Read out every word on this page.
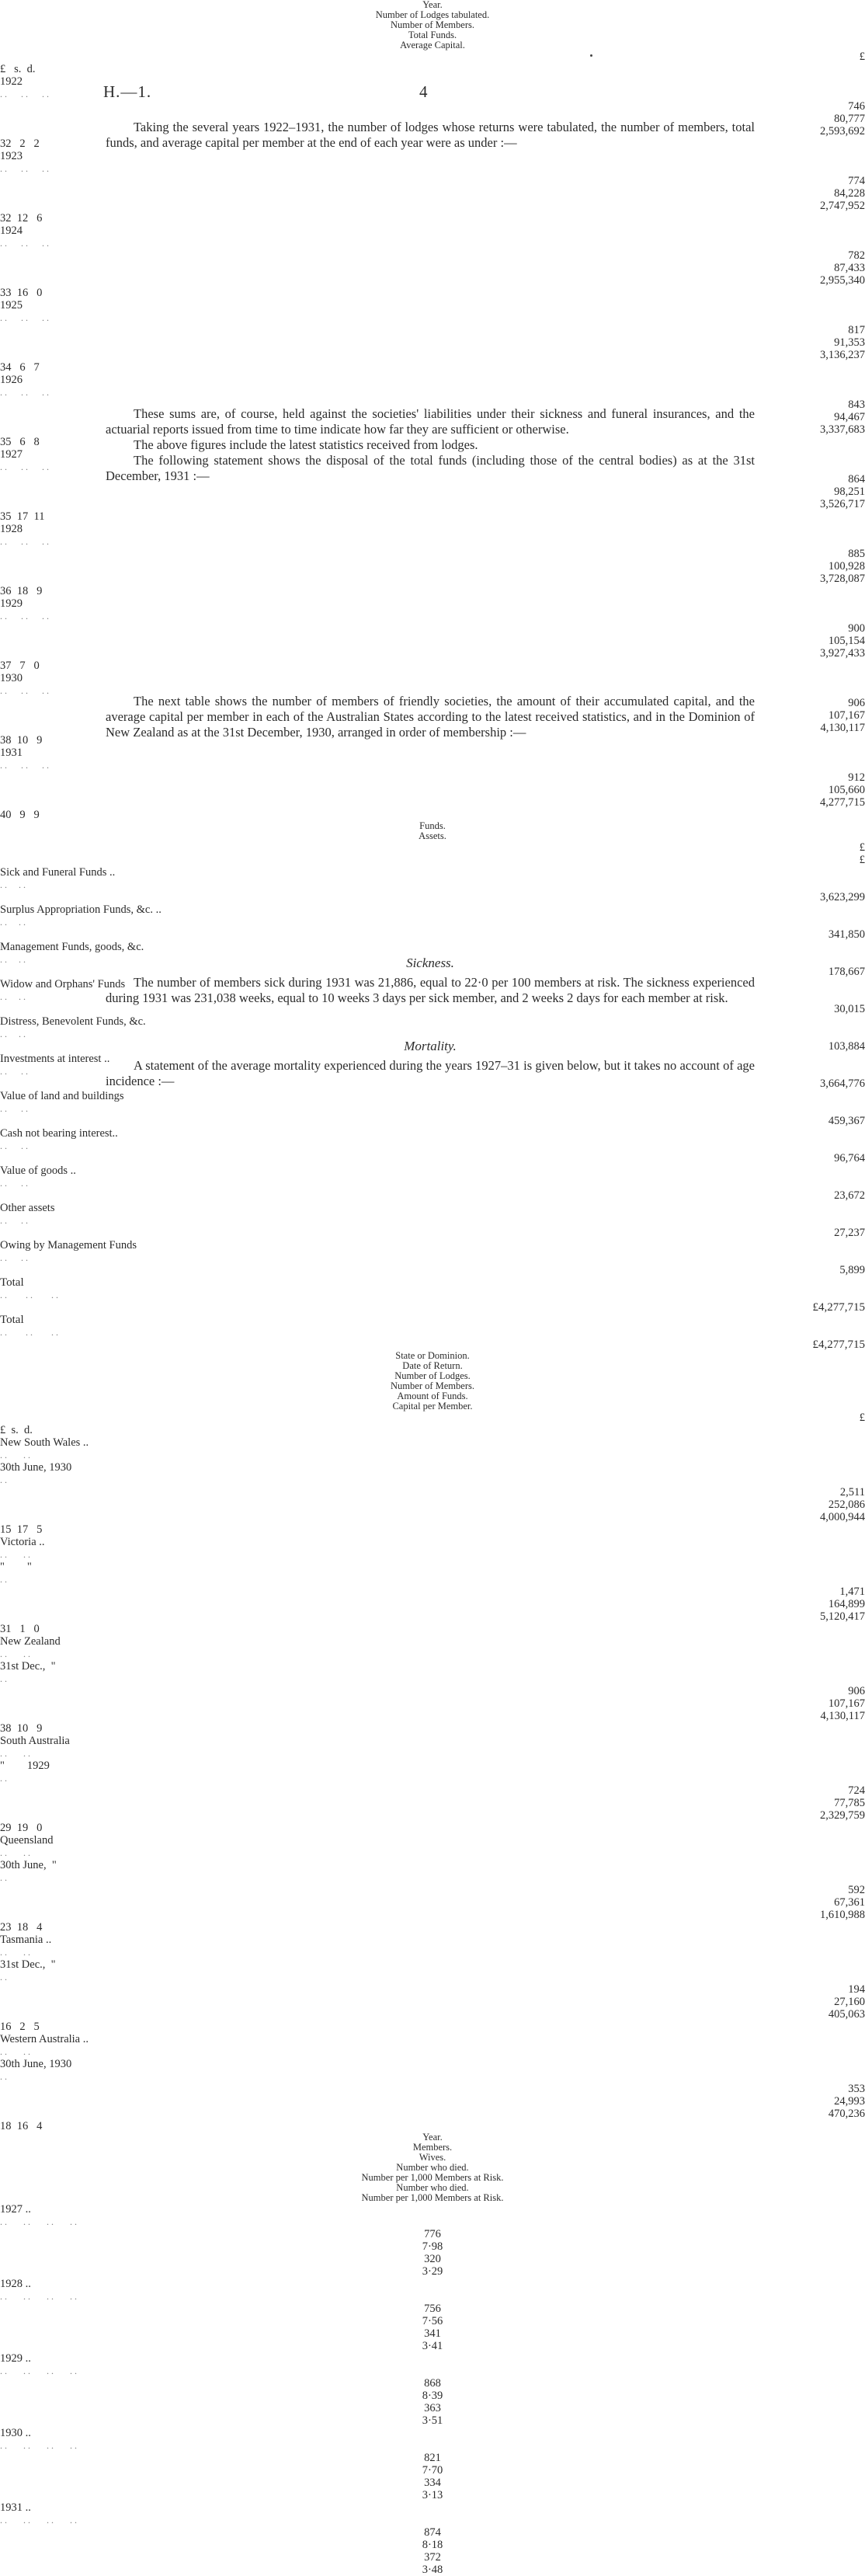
H.—1.	4

Taking the several years 1922–1931, the number of lodges whose returns were tabulated, the number of members, total funds, and average capital per member at the end of each year were as under :—

These sums are, of course, held against the societies' liabilities under their sickness and funeral insurances, and the actuarial reports issued from time to time indicate how far they are sufficient or otherwise.

The above figures include the latest statistics received from lodges.

The following statement shows the disposal of the total funds (including those of the central bodies) as at the 31st December, 1931 :—

The next table shows the number of members of friendly societies, the amount of their accumulated capital, and the average capital per member in each of the Australian States according to the latest received statistics, and in the Dominion of New Zealand as at the 31st December, 1930, arranged in order of membership :—

Sickness.

The number of members sick during 1931 was 21,886, equal to 22·0 per 100 members at risk. The sickness experienced during 1931 was 231,038 weeks, equal to 10 weeks 3 days per sick member, and 2 weeks 2 days for each member at risk.

Mortality.

A statement of the average mortality experienced during the years 1927–31 is given below, but it takes no account of age incidence :—

Year.
Number of Lodges tabulated.
Number of Members.
Total Funds.
Average Capital.
£
£   s.  d.
1922
. .      . .      . .
746
80,777
2,593,692
32   2   2
1923
. .      . .      . .
774
84,228
2,747,952
32  12   6
1924
. .      . .      . .
782
87,433
2,955,340
33  16   0
1925
. .      . .      . .
817
91,353
3,136,237
34   6   7
1926
. .      . .      . .
843
94,467
3,337,683
35   6   8
1927
. .      . .      . .
864
98,251
3,526,717
35  17  11
1928
. .      . .      . .
885
100,928
3,728,087
36  18   9
1929
. .      . .      . .
900
105,154
3,927,433
37   7   0
1930
. .      . .      . .
906
107,167
4,130,117
38  10   9
1931
. .      . .      . .
912
105,660
4,277,715
40   9   9
Funds.
Assets.
£
£
Sick and Funeral Funds ..
. .     . .
3,623,299
Surplus Appropriation Funds, &c. ..
. .     . .
341,850
Management Funds, goods, &c.
. .     . .
178,667
Widow and Orphans' Funds
. .     . .
30,015
Distress, Benevolent Funds, &c.
. .     . .
103,884
Investments at interest ..
. .      . .
3,664,776
Value of land and buildings
. .      . .
459,367
Cash not bearing interest..
. .      . .
96,764
Value of goods ..
. .      . .
23,672
Other assets
. .      . .
27,237
Owing by Management Funds
. .      . .
5,899
Total
. .        . .        . .
£4,277,715
Total
. .        . .        . .
£4,277,715
State or Dominion.
Date of Return.
Number of Lodges.
Number of Members.
Amount of Funds.
Capital per Member.
£
£  s.  d.
New South Wales ..
. .       . .
30th June, 1930
. .
2,511
252,086
4,000,944
15  17   5
Victoria ..
. .       . .
"        "
. .
1,471
164,899
5,120,417
31   1   0
New Zealand
. .       . .
31st Dec.,  "
. .
906
107,167
4,130,117
38  10   9
South Australia
. .       . .
"        1929
. .
724
77,785
2,329,759
29  19   0
Queensland
. .       . .
30th June,  "
. .
592
67,361
1,610,988
23  18   4
Tasmania ..
. .       . .
31st Dec.,  "
. .
194
27,160
405,063
16   2   5
Western Australia ..
. .       . .
30th June, 1930
. .
353
24,993
470,236
18  16   4
Year.
Members.
Wives.
Number who died.
Number per 1,000 Members at Risk.
Number who died.
Number per 1,000 Members at Risk.
1927 ..
. .       . .       . .       . .
776
7·98
320
3·29
1928 ..
. .       . .       . .       . .
756
7·56
341
3·41
1929 ..
. .       . .       . .       . .
868
8·39
363
3·51
1930 ..
. .       . .       . .       . .
821
7·70
334
3·13
1931 ..
. .       . .       . .       . .
874
8·18
372
3·48
